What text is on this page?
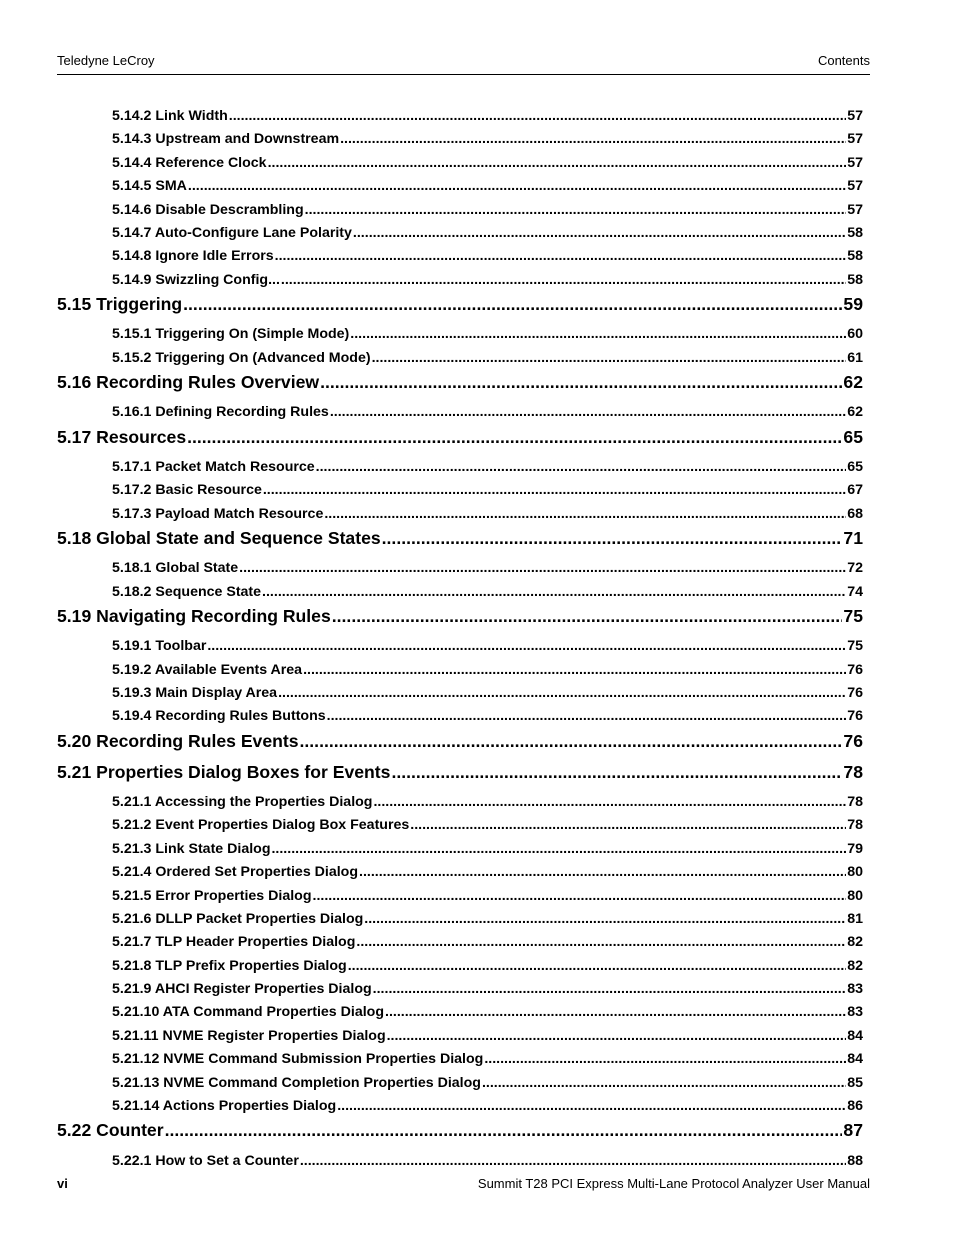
Teledyne LeCroy	Contents
5.14.2 Link Width .....	57
5.14.3 Upstream and Downstream .....	57
5.14.4 Reference Clock .....	57
5.14.5 SMA .....	57
5.14.6 Disable Descrambling .....	57
5.14.7 Auto-Configure Lane Polarity .....	58
5.14.8 Ignore Idle Errors .....	58
5.14.9 Swizzling Config... .....	58
5.15 Triggering .....	59
5.15.1 Triggering On (Simple Mode) .....	60
5.15.2 Triggering On (Advanced Mode) .....	61
5.16 Recording Rules Overview .....	62
5.16.1 Defining Recording Rules .....	62
5.17 Resources .....	65
5.17.1 Packet Match Resource .....	65
5.17.2 Basic Resource .....	67
5.17.3 Payload Match Resource .....	68
5.18 Global State and Sequence States .....	71
5.18.1 Global State .....	72
5.18.2 Sequence State .....	74
5.19 Navigating Recording Rules .....	75
5.19.1 Toolbar .....	75
5.19.2 Available Events Area .....	76
5.19.3 Main Display Area .....	76
5.19.4 Recording Rules Buttons .....	76
5.20 Recording Rules Events .....	76
5.21 Properties Dialog Boxes for Events .....	78
5.21.1 Accessing the Properties Dialog .....	78
5.21.2 Event Properties Dialog Box Features .....	78
5.21.3 Link State Dialog .....	79
5.21.4 Ordered Set Properties Dialog .....	80
5.21.5 Error Properties Dialog .....	80
5.21.6 DLLP Packet Properties Dialog .....	81
5.21.7 TLP Header Properties Dialog .....	82
5.21.8 TLP Prefix Properties Dialog .....	82
5.21.9 AHCI Register Properties Dialog .....	83
5.21.10 ATA Command Properties Dialog .....	83
5.21.11 NVME Register Properties Dialog .....	84
5.21.12 NVME Command Submission Properties Dialog .....	84
5.21.13 NVME Command Completion Properties Dialog .....	85
5.21.14 Actions Properties Dialog .....	86
5.22 Counter .....	87
5.22.1 How to Set a Counter .....	88
vi	Summit T28 PCI Express Multi-Lane Protocol Analyzer User Manual
